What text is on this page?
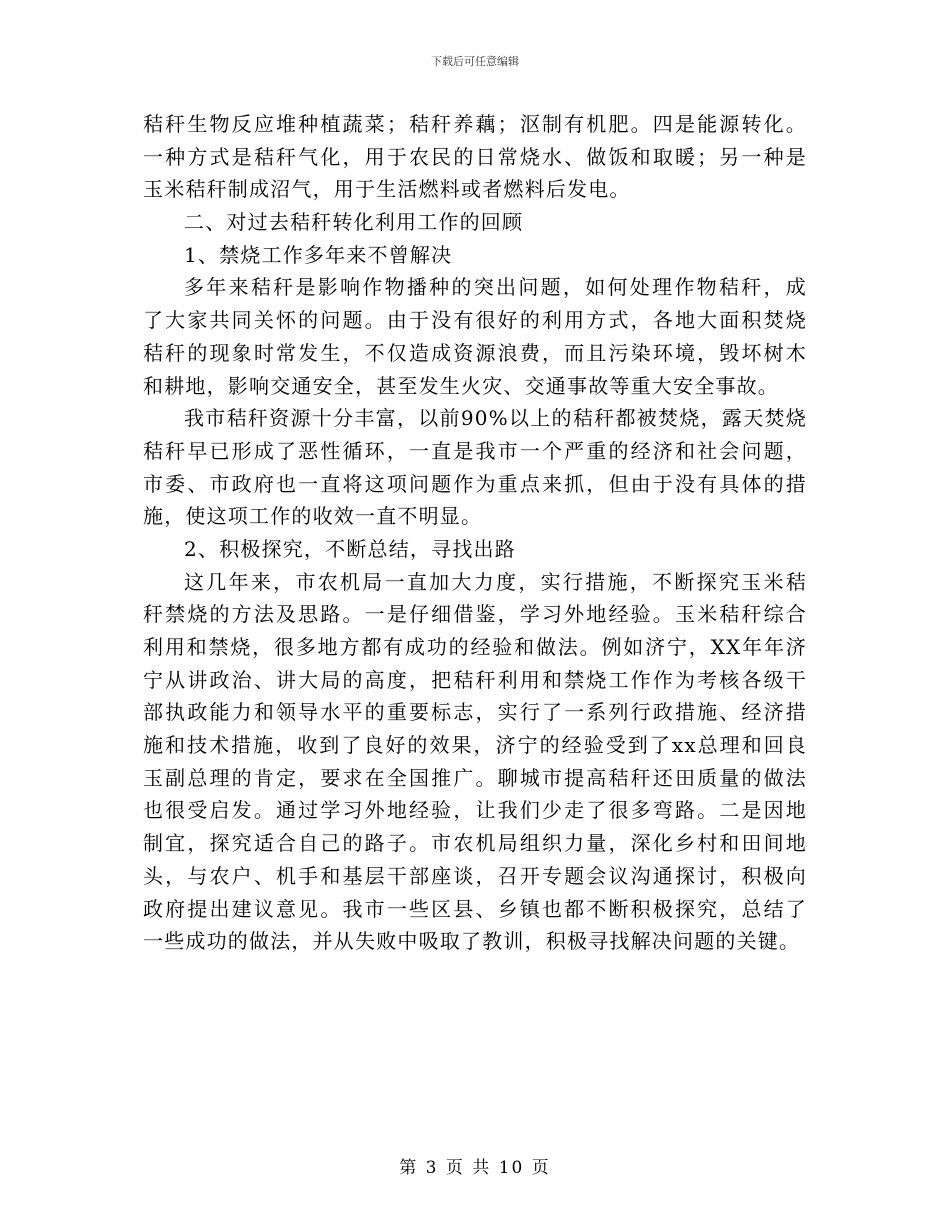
下载后可任意编辑
秸秆生物反应堆种植蔬菜；秸秆养藕；沤制有机肥。四是能源转化。
一种方式是秸秆气化，用于农民的日常烧水、做饭和取暖；另一种是
玉米秸秆制成沼气，用于生活燃料或者燃料后发电。
二、对过去秸秆转化利用工作的回顾
1、禁烧工作多年来不曾解决
多年来秸秆是影响作物播种的突出问题，如何处理作物秸秆，成
了大家共同关怀的问题。由于没有很好的利用方式，各地大面积焚烧
秸秆的现象时常发生，不仅造成资源浪费，而且污染环境，毁坏树木
和耕地，影响交通安全，甚至发生火灾、交通事故等重大安全事故。
我市秸秆资源十分丰富，以前90%以上的秸秆都被焚烧，露天焚烧
秸秆早已形成了恶性循环，一直是我市一个严重的经济和社会问题，
市委、市政府也一直将这项问题作为重点来抓，但由于没有具体的措
施，使这项工作的收效一直不明显。
2、积极探究，不断总结，寻找出路
这几年来，市农机局一直加大力度，实行措施，不断探究玉米秸
秆禁烧的方法及思路。一是仔细借鉴，学习外地经验。玉米秸秆综合
利用和禁烧，很多地方都有成功的经验和做法。例如济宁，XX年年济
宁从讲政治、讲大局的高度，把秸秆利用和禁烧工作作为考核各级干
部执政能力和领导水平的重要标志，实行了一系列行政措施、经济措
施和技术措施，收到了良好的效果，济宁的经验受到了xx总理和回良
玉副总理的肯定，要求在全国推广。聊城市提高秸秆还田质量的做法
也很受启发。通过学习外地经验，让我们少走了很多弯路。二是因地
制宜，探究适合自己的路子。市农机局组织力量，深化乡村和田间地
头，与农户、机手和基层干部座谈，召开专题会议沟通探讨，积极向
政府提出建议意见。我市一些区县、乡镇也都不断积极探究，总结了
一些成功的做法，并从失败中吸取了教训，积极寻找解决问题的关键。
第 3 页 共 10 页
